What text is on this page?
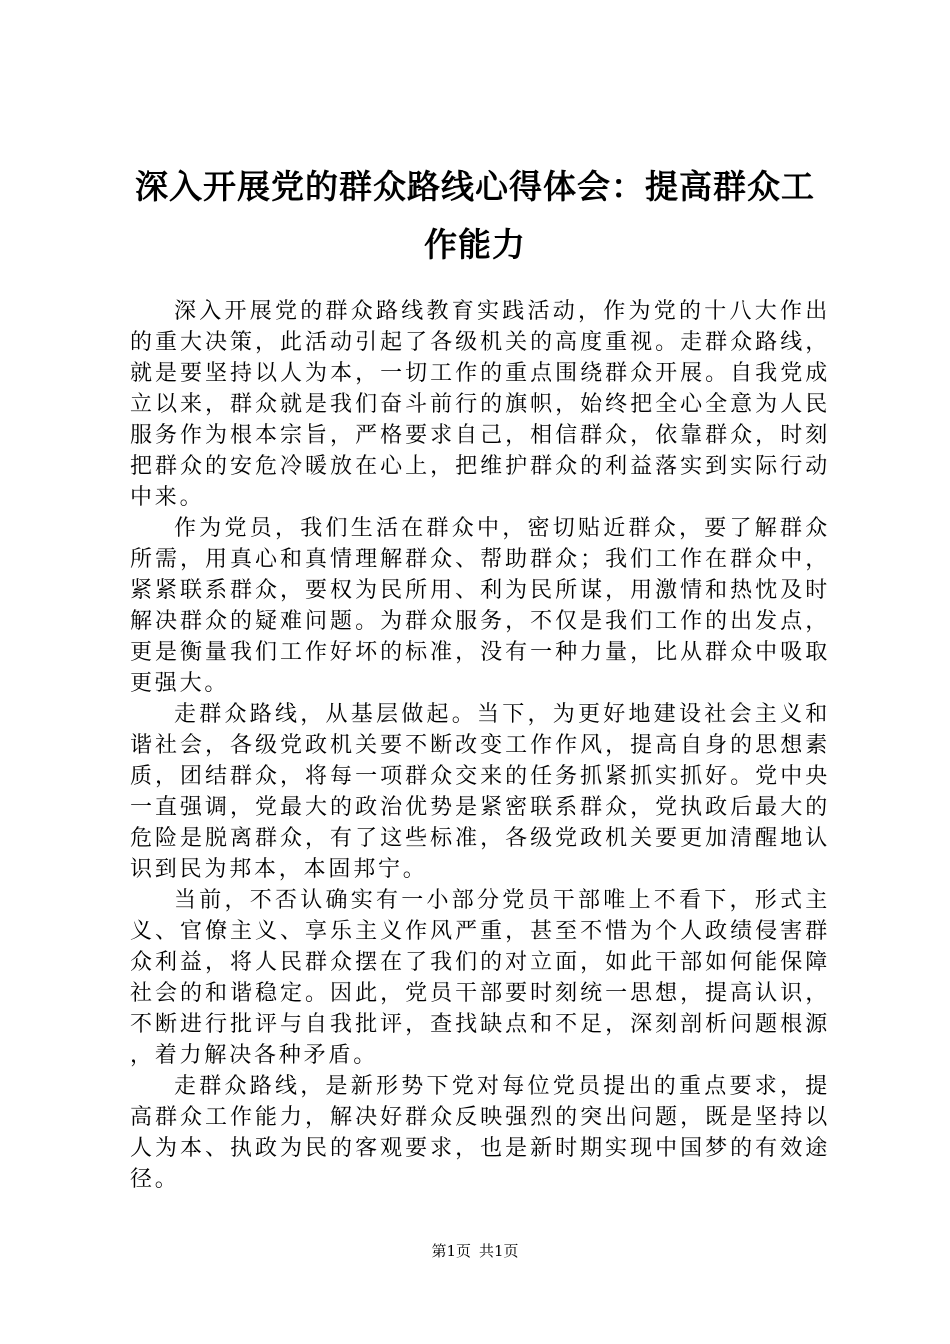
深入开展党的群众路线心得体会：提高群众工作能力

深入开展党的群众路线教育实践活动，作为党的十八大作出的重大决策，此活动引起了各级机关的高度重视。走群众路线，就是要坚持以人为本，一切工作的重点围绕群众开展。自我党成立以来，群众就是我们奋斗前行的旗帜，始终把全心全意为人民服务作为根本宗旨，严格要求自己，相信群众，依靠群众，时刻把群众的安危冷暖放在心上，把维护群众的利益落实到实际行动中来。

作为党员，我们生活在群众中，密切贴近群众，要了解群众所需，用真心和真情理解群众、帮助群众；我们工作在群众中，紧紧联系群众，要权为民所用、利为民所谋，用激情和热忱及时解决群众的疑难问题。为群众服务，不仅是我们工作的出发点，更是衡量我们工作好坏的标准，没有一种力量，比从群众中吸取更强大。

走群众路线，从基层做起。当下，为更好地建设社会主义和谐社会，各级党政机关要不断改变工作作风，提高自身的思想素质，团结群众，将每一项群众交来的任务抓紧抓实抓好。党中央一直强调，党最大的政治优势是紧密联系群众，党执政后最大的危险是脱离群众，有了这些标准，各级党政机关要更加清醒地认识到民为邦本，本固邦宁。

当前，不否认确实有一小部分党员干部唯上不看下，形式主义、官僚主义、享乐主义作风严重，甚至不惜为个人政绩侵害群众利益，将人民群众摆在了我们的对立面，如此干部如何能保障社会的和谐稳定。因此，党员干部要时刻统一思想，提高认识，不断进行批评与自我批评，查找缺点和不足，深刻剖析问题根源，着力解决各种矛盾。

走群众路线，是新形势下党对每位党员提出的重点要求，提高群众工作能力，解决好群众反映强烈的突出问题，既是坚持以人为本、执政为民的客观要求，也是新时期实现中国梦的有效途径。

第1页 共1页
